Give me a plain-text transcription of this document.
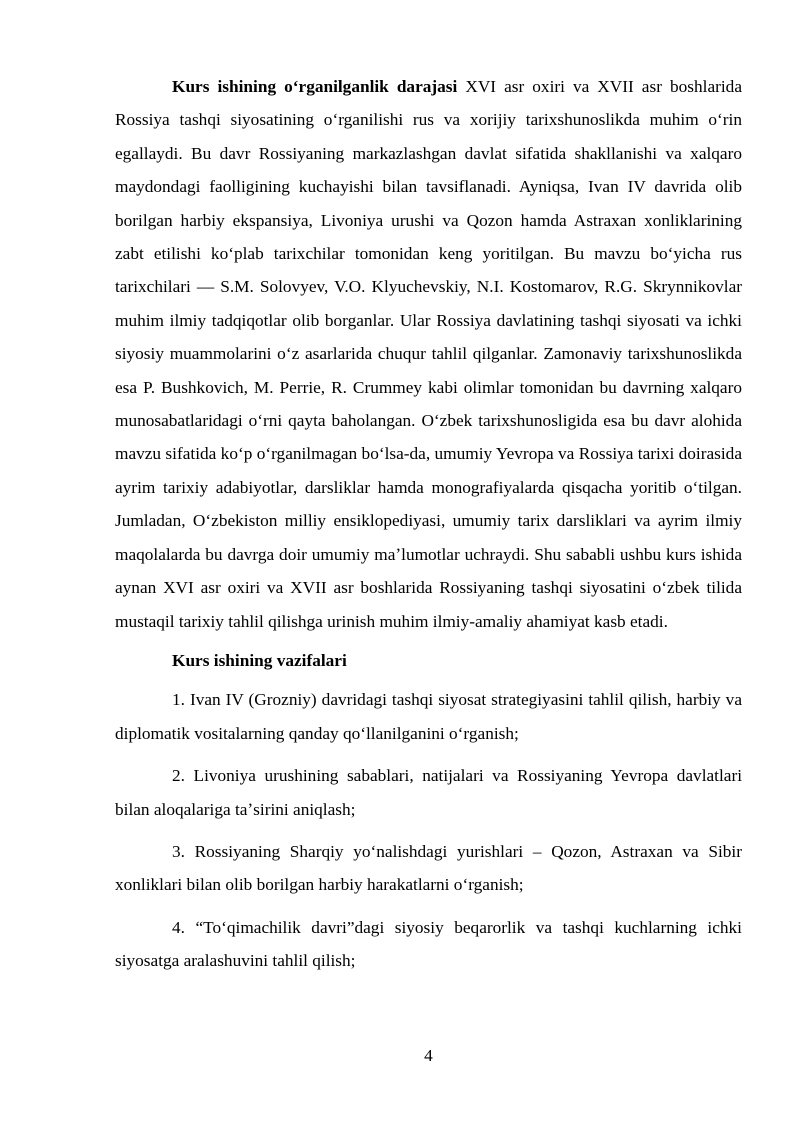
Kurs ishining oʻrganilganlik darajasi XVI asr oxiri va XVII asr boshlarida Rossiya tashqi siyosatining oʻrganilishi rus va xorijiy tarixshunoslikda muhim oʻrin egallaydi. Bu davr Rossiyaning markazlashgan davlat sifatida shakllanishi va xalqaro maydondagi faolligining kuchayishi bilan tavsiflanadi. Ayniqsa, Ivan IV davrida olib borilgan harbiy ekspansiya, Livoniya urushi va Qozon hamda Astraxan xonliklarining zabt etilishi koʻplab tarixchilar tomonidan keng yoritilgan. Bu mavzu boʻyicha rus tarixchilari — S.M. Solovyev, V.O. Klyuchevskiy, N.I. Kostomarov, R.G. Skrynnikovlar muhim ilmiy tadqiqotlar olib borganlar. Ular Rossiya davlatining tashqi siyosati va ichki siyosiy muammolarini oʻz asarlarida chuqur tahlil qilganlar. Zamonaviy tarixshunoslikda esa P. Bushkovich, M. Perrie, R. Crummey kabi olimlar tomonidan bu davrning xalqaro munosabatlaridagi oʻrni qayta baholangan. Oʻzbek tarixshunosligida esa bu davr alohida mavzu sifatida koʻp oʻrganilmagan boʻlsa-da, umumiy Yevropa va Rossiya tarixi doirasida ayrim tarixiy adabiyotlar, darsliklar hamda monografiyalarda qisqacha yoritib oʻtilgan. Jumladan, Oʻzbekiston milliy ensiklopediyasi, umumiy tarix darsliklari va ayrim ilmiy maqolalarda bu davrga doir umumiy maʼlumotlar uchraydi. Shu sababli ushbu kurs ishida aynan XVI asr oxiri va XVII asr boshlarida Rossiyaning tashqi siyosatini oʻzbek tilida mustaqil tarixiy tahlil qilishga urinish muhim ilmiy-amaliy ahamiyat kasb etadi.

Kurs ishining vazifalari

1. Ivan IV (Grozniy) davridagi tashqi siyosat strategiyasini tahlil qilish, harbiy va diplomatik vositalarning qanday qoʻllanilganini oʻrganish;

2. Livoniya urushining sabablari, natijalari va Rossiyaning Yevropa davlatlari bilan aloqalariga taʼsirini aniqlash;

3. Rossiyaning Sharqiy yoʻnalishdagi yurishlari – Qozon, Astraxan va Sibir xonliklari bilan olib borilgan harbiy harakatlarni oʻrganish;

4. “Toʻqimachilik davri”dagi siyosiy beqarorlik va tashqi kuchlarning ichki siyosatga aralashuvini tahlil qilish;

4
